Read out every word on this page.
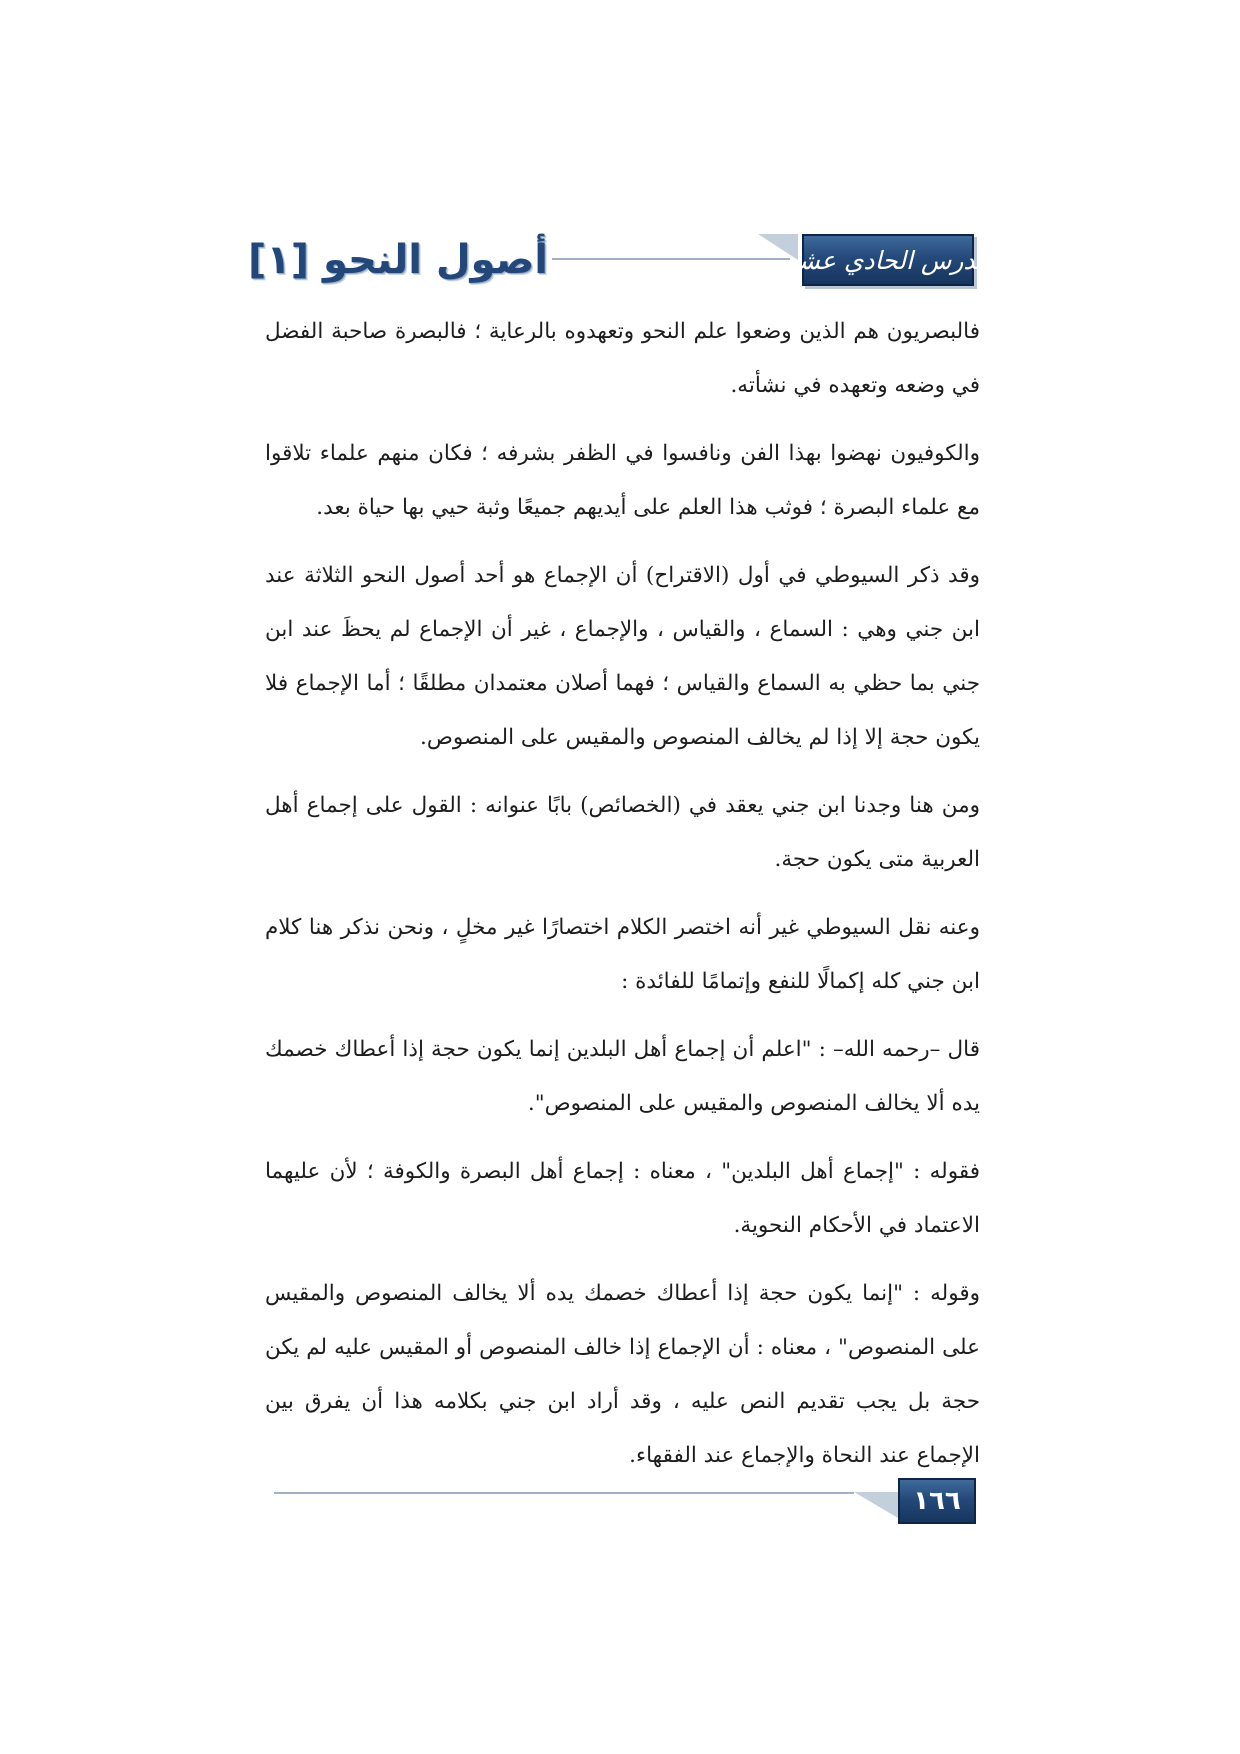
أصول النحو [١]	الدرس الحادي عشر

فالبصريون هم الذين وضعوا علم النحو وتعهدوه بالرعاية ؛ فالبصرة صاحبة الفضل في وضعه وتعهده في نشأته.

والكوفيون نهضوا بهذا الفن ونافسوا في الظفر بشرفه ؛ فكان منهم علماء تلاقوا مع علماء البصرة ؛ فوثب هذا العلم على أيديهم جميعًا وثبة حيي بها حياة بعد.

وقد ذكر السيوطي في أول (الاقتراح) أن الإجماع هو أحد أصول النحو الثلاثة عند ابن جني وهي : السماع ، والقياس ، والإجماع ، غير أن الإجماع لم يحظَ عند ابن جني بما حظي به السماع والقياس ؛ فهما أصلان معتمدان مطلقًا ؛ أما الإجماع فلا يكون حجة إلا إذا لم يخالف المنصوص والمقيس على المنصوص.

ومن هنا وجدنا ابن جني يعقد في (الخصائص) بابًا عنوانه : القول على إجماع أهل العربية متى يكون حجة.

وعنه نقل السيوطي غير أنه اختصر الكلام اختصارًا غير مخلٍ ، ونحن نذكر هنا كلام ابن جني كله إكمالًا للنفع وإتمامًا للفائدة :

قال –رحمه الله– : "اعلم أن إجماع أهل البلدين إنما يكون حجة إذا أعطاك خصمك يده ألا يخالف المنصوص والمقيس على المنصوص".

فقوله : "إجماع أهل البلدين" ، معناه : إجماع أهل البصرة والكوفة ؛ لأن عليهما الاعتماد في الأحكام النحوية.

وقوله : "إنما يكون حجة إذا أعطاك خصمك يده ألا يخالف المنصوص والمقيس على المنصوص" ، معناه : أن الإجماع إذا خالف المنصوص أو المقيس عليه لم يكن حجة بل يجب تقديم النص عليه ، وقد أراد ابن جني بكلامه هذا أن يفرق بين الإجماع عند النحاة والإجماع عند الفقهاء.

١٦٦
